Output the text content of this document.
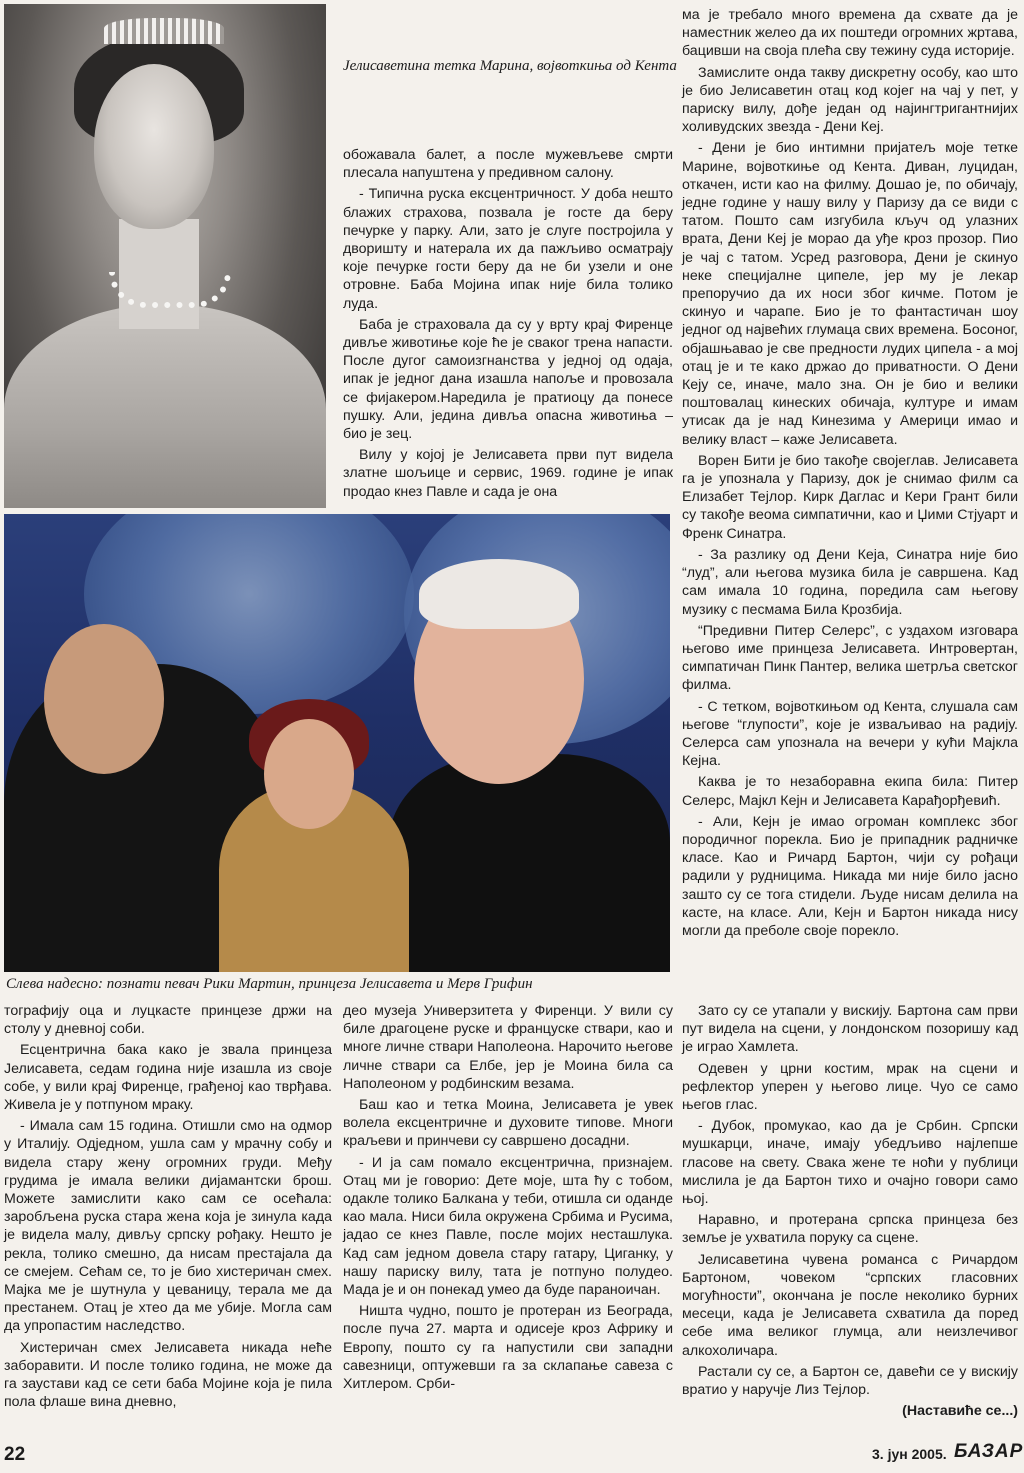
Јелисаветина тетка Марина, војвоткиња од Кента
Слева надесно: познати певач Рики Мартин, принцеза Јелисавета и Мерв Грифин

обожавала балет, а после мужевљеве смрти плесала напуштена у предивном салону.

- Типична руска ексцентричност. У доба нешто блажих страхова, позвала је госте да беру печурке у парку. Али, зато је слуге постројила у дворишту и натерала их да пажљиво осматрају које печурке гости беру да не би узели и оне отровне. Баба Мојина ипак није била толико луда.

Баба је страховала да су у врту крај Фиренце дивље животиње које ће је сваког трена напасти. После дугог самоизгнанства у једној од одаја, ипак је једног дана изашла напоље и провозала се фијакером.Наредила је пратиоцу да понесе пушку. Али, једина дивља опасна животиња – био је зец.

Вилу у којој је Јелисавета први пут видела златне шољице и сервис, 1969. године је ипак продао кнез Павле и сада је она

ма је требало много времена да схвате да је наместник желео да их поштеди огромних жртава, бацивши на своја плећа сву тежину суда историје.

Замислите онда такву дискретну особу, као што је био Јелисаветин отац код којег на чај у пет, у париску вилу, дође један од најингтригантнијих холивудских звезда - Дени Кеј.

- Дени је био интимни пријатељ моје тетке Марине, војвоткиње од Кента. Диван, луцидан, откачен, исти као на филму. Дошао је, по обичају, једне године у нашу вилу у Паризу да се види с татом. Пошто сам изгубила кључ од улазних врата, Дени Кеј је морао да уђе кроз прозор. Пио је чај с татом. Усред разговора, Дени је скинуо неке специјалне ципеле, јер му је лекар препоручио да их носи због кичме. Потом је скинуо и чарапе. Био је то фантастичан шоу једног од највећих глумаца свих времена. Босоног, објашњавао је све предности лудих ципела - а мој отац је и те како држао до приватности. О Дени Кеју се, иначе, мало зна. Он је био и велики поштовалац кинеских обичаја, културе и имам утисак да је над Кинезима у Америци имао и велику власт – каже Јелисавета.

Ворен Бити је био такође својеглав. Јелисавета га је упознала у Паризу, док је снимао филм са Елизабет Тејлор. Кирк Даглас и Кери Грант били су такође веома симпатични, као и Џими Стјуарт и Френк Синатра.

- За разлику од Дени Кеја, Синатра није био “луд”, али његова музика била је савршена. Кад сам имала 10 година, поредила сам његову музику с песмама Била Крозбија.

“Предивни Питер Селерс”, с уздахом изговара његово име принцеза Јелисавета. Интровертан, симпатичан Пинк Пантер, велика шетрља светског филма.

- С тетком, војвоткињом од Кента, слушала сам његове “глупости”, које је изваљивао на радију. Селерса сам упознала на вечери у кући Мајкла Кејна.

Каква је то незаборавна екипа била: Питер Селерс, Мајкл Кејн и Јелисавета Карађорђевић.

- Али, Кејн је имао огроман комплекс због породичног порекла. Био је припадник радничке класе. Као и Ричард Бартон, чији су рођаци радили у рудницима. Никада ми није било јасно зашто су се тога стидели. Људе нисам делила на касте, на класе. Али, Кејн и Бартон никада нису могли да преболе своје порекло.

тографију оца и луцкасте принцезе држи на столу у дневној соби.

Есцентрична бака како је звала принцеза Јелисавета, седам година није изашла из своје собе, у вили крај Фиренце, грађеној као тврђава. Живела је у потпуном мраку.

- Имала сам 15 година. Отишли смо на одмор у Италију. Одједном, ушла сам у мрачну собу и видела стару жену огромних груди. Међу грудима је имала велики дијамантски брош. Можете замислити како сам се осећала: заробљена руска стара жена која је зинула када је видела малу, дивљу српску рођаку. Нешто је рекла, толико смешно, да нисам престајала да се смејем. Сећам се, то је био хистеричан смех. Мајка ме је шутнула у цеваницу, терала ме да престанем. Отац је хтео да ме убије. Могла сам да упропастим наследство.

Хистеричан смех Јелисавета никада неће заборавити. И после толико година, не може да га заустави кад се сети баба Мојине која је пила пола флаше вина дневно,

део музеја Универзитета у Фиренци. У вили су биле драгоцене руске и француске ствари, као и многе личне ствари Наполеона. Нарочито његове личне ствари са Елбе, јер је Моина била са Наполеоном у родбинским везама.

Баш као и тетка Моина, Јелисавета је увек волела ексцентричне и духовите типове. Многи краљеви и принчеви су савршено досадни.

- И ја сам помало ексцентрична, признајем. Отац ми је говорио: Дете моје, шта ћу с тобом, одакле толико Балкана у теби, отишла си оданде као мала. Ниси била окружена Србима и Русима, јадао се кнез Павле, после мојих несташлука. Кад сам једном довела стару гатару, Циганку, у нашу париску вилу, тата је потпуно полудео. Мада је и он понекад умео да буде параноичан.

Ништа чудно, пошто је протеран из Београда, после пуча 27. марта и одисеје кроз Африку и Европу, пошто су га напустили сви западни савезници, оптужевши га за склапање савеза с Хитлером. Срби-

Зато су се утапали у вискију. Бартона сам први пут видела на сцени, у лондонском позоришу кад је играо Хамлета.

Одевен у црни костим, мрак на сцени и рефлектор уперен у његово лице. Чуо се само његов глас.

- Дубок, промукао, као да је Србин. Српски мушкарци, иначе, имају убедљиво најлепше гласове на свету. Свака жене те ноћи у публици мислила је да Бартон тихо и очајно говори само њој.

Наравно, и протерана српска принцеза без земље је ухватила поруку са сцене.

Јелисаветина чувена романса с Ричардом Бартоном, човеком “српских гласовних могућности”, окончана је после неколико бурних месеци, када је Јелисавета схватила да поред себе има великог глумца, али неизлечивог алкохоличара.

Растали су се, а Бартон се, давећи се у вискију вратио у наручје Лиз Тејлор.

(Наставиће се...)

22	3. јун 2005. БАЗАР
